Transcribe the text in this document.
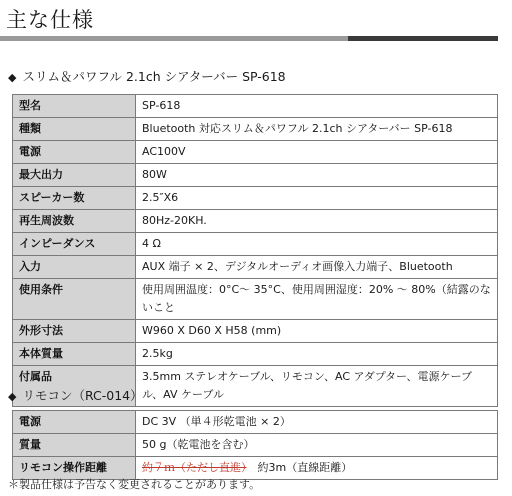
主な仕様
◆ スリム＆パワフル 2.1ch シアターバー SP-618
型名	SP-618
種類	Bluetooth 対応スリム＆パワフル 2.1ch シアターバー SP-618
電源	AC100V
最大出力	80W
スピーカー数	2.5″X6
再生周波数	80Hz-20KH.
インピーダンス	4 Ω
入力	AUX 端子 × 2、デジタルオーディオ画像入力端子、Bluetooth
使用条件	使用周囲温度：0°C～ 35°C、使用周囲湿度：20% ～ 80%（結露のないこと
外形寸法	W960 X D60 X H58 (mm)
本体質量	2.5kg
付属品	3.5mm ステレオケーブル、リモコン、AC アダプター、電源ケーブル、AV ケーブル
◆ リモコン（RC-014）
電源	DC 3V （単４形乾電池 × 2）
質量	50 g（乾電池を含む）
リモコン操作距離	約７ｍ（ただし直進）　 約3m（直線距離）
＊製品仕様は予告なく変更されることがあります。
